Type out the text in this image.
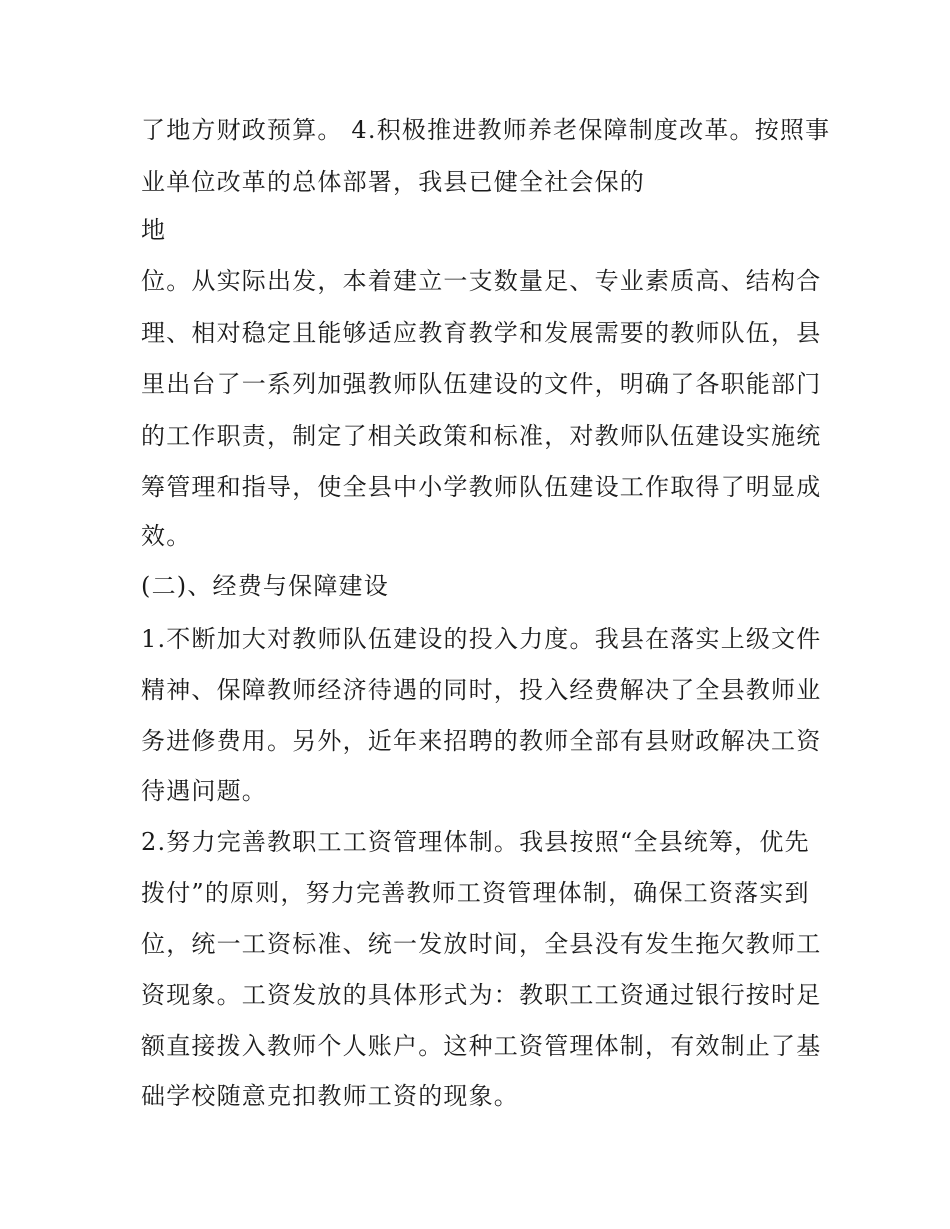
了地方财政预算。 4.积极推进教师养老保障制度改革。按照事
业单位改革的总体部署，我县已健全社会保的
地
位。从实际出发，本着建立一支数量足、专业素质高、结构合
理、相对稳定且能够适应教育教学和发展需要的教师队伍，县
里出台了一系列加强教师队伍建设的文件，明确了各职能部门
的工作职责，制定了相关政策和标准，对教师队伍建设实施统
筹管理和指导，使全县中小学教师队伍建设工作取得了明显成
效。
(二)、经费与保障建设
1.不断加大对教师队伍建设的投入力度。我县在落实上级文件
精神、保障教师经济待遇的同时，投入经费解决了全县教师业
务进修费用。另外，近年来招聘的教师全部有县财政解决工资
待遇问题。
2.努力完善教职工工资管理体制。我县按照“全县统筹，优先
拨付”的原则，努力完善教师工资管理体制，确保工资落实到
位，统一工资标准、统一发放时间，全县没有发生拖欠教师工
资现象。工资发放的具体形式为：教职工工资通过银行按时足
额直接拨入教师个人账户。这种工资管理体制，有效制止了基
础学校随意克扣教师工资的现象。
